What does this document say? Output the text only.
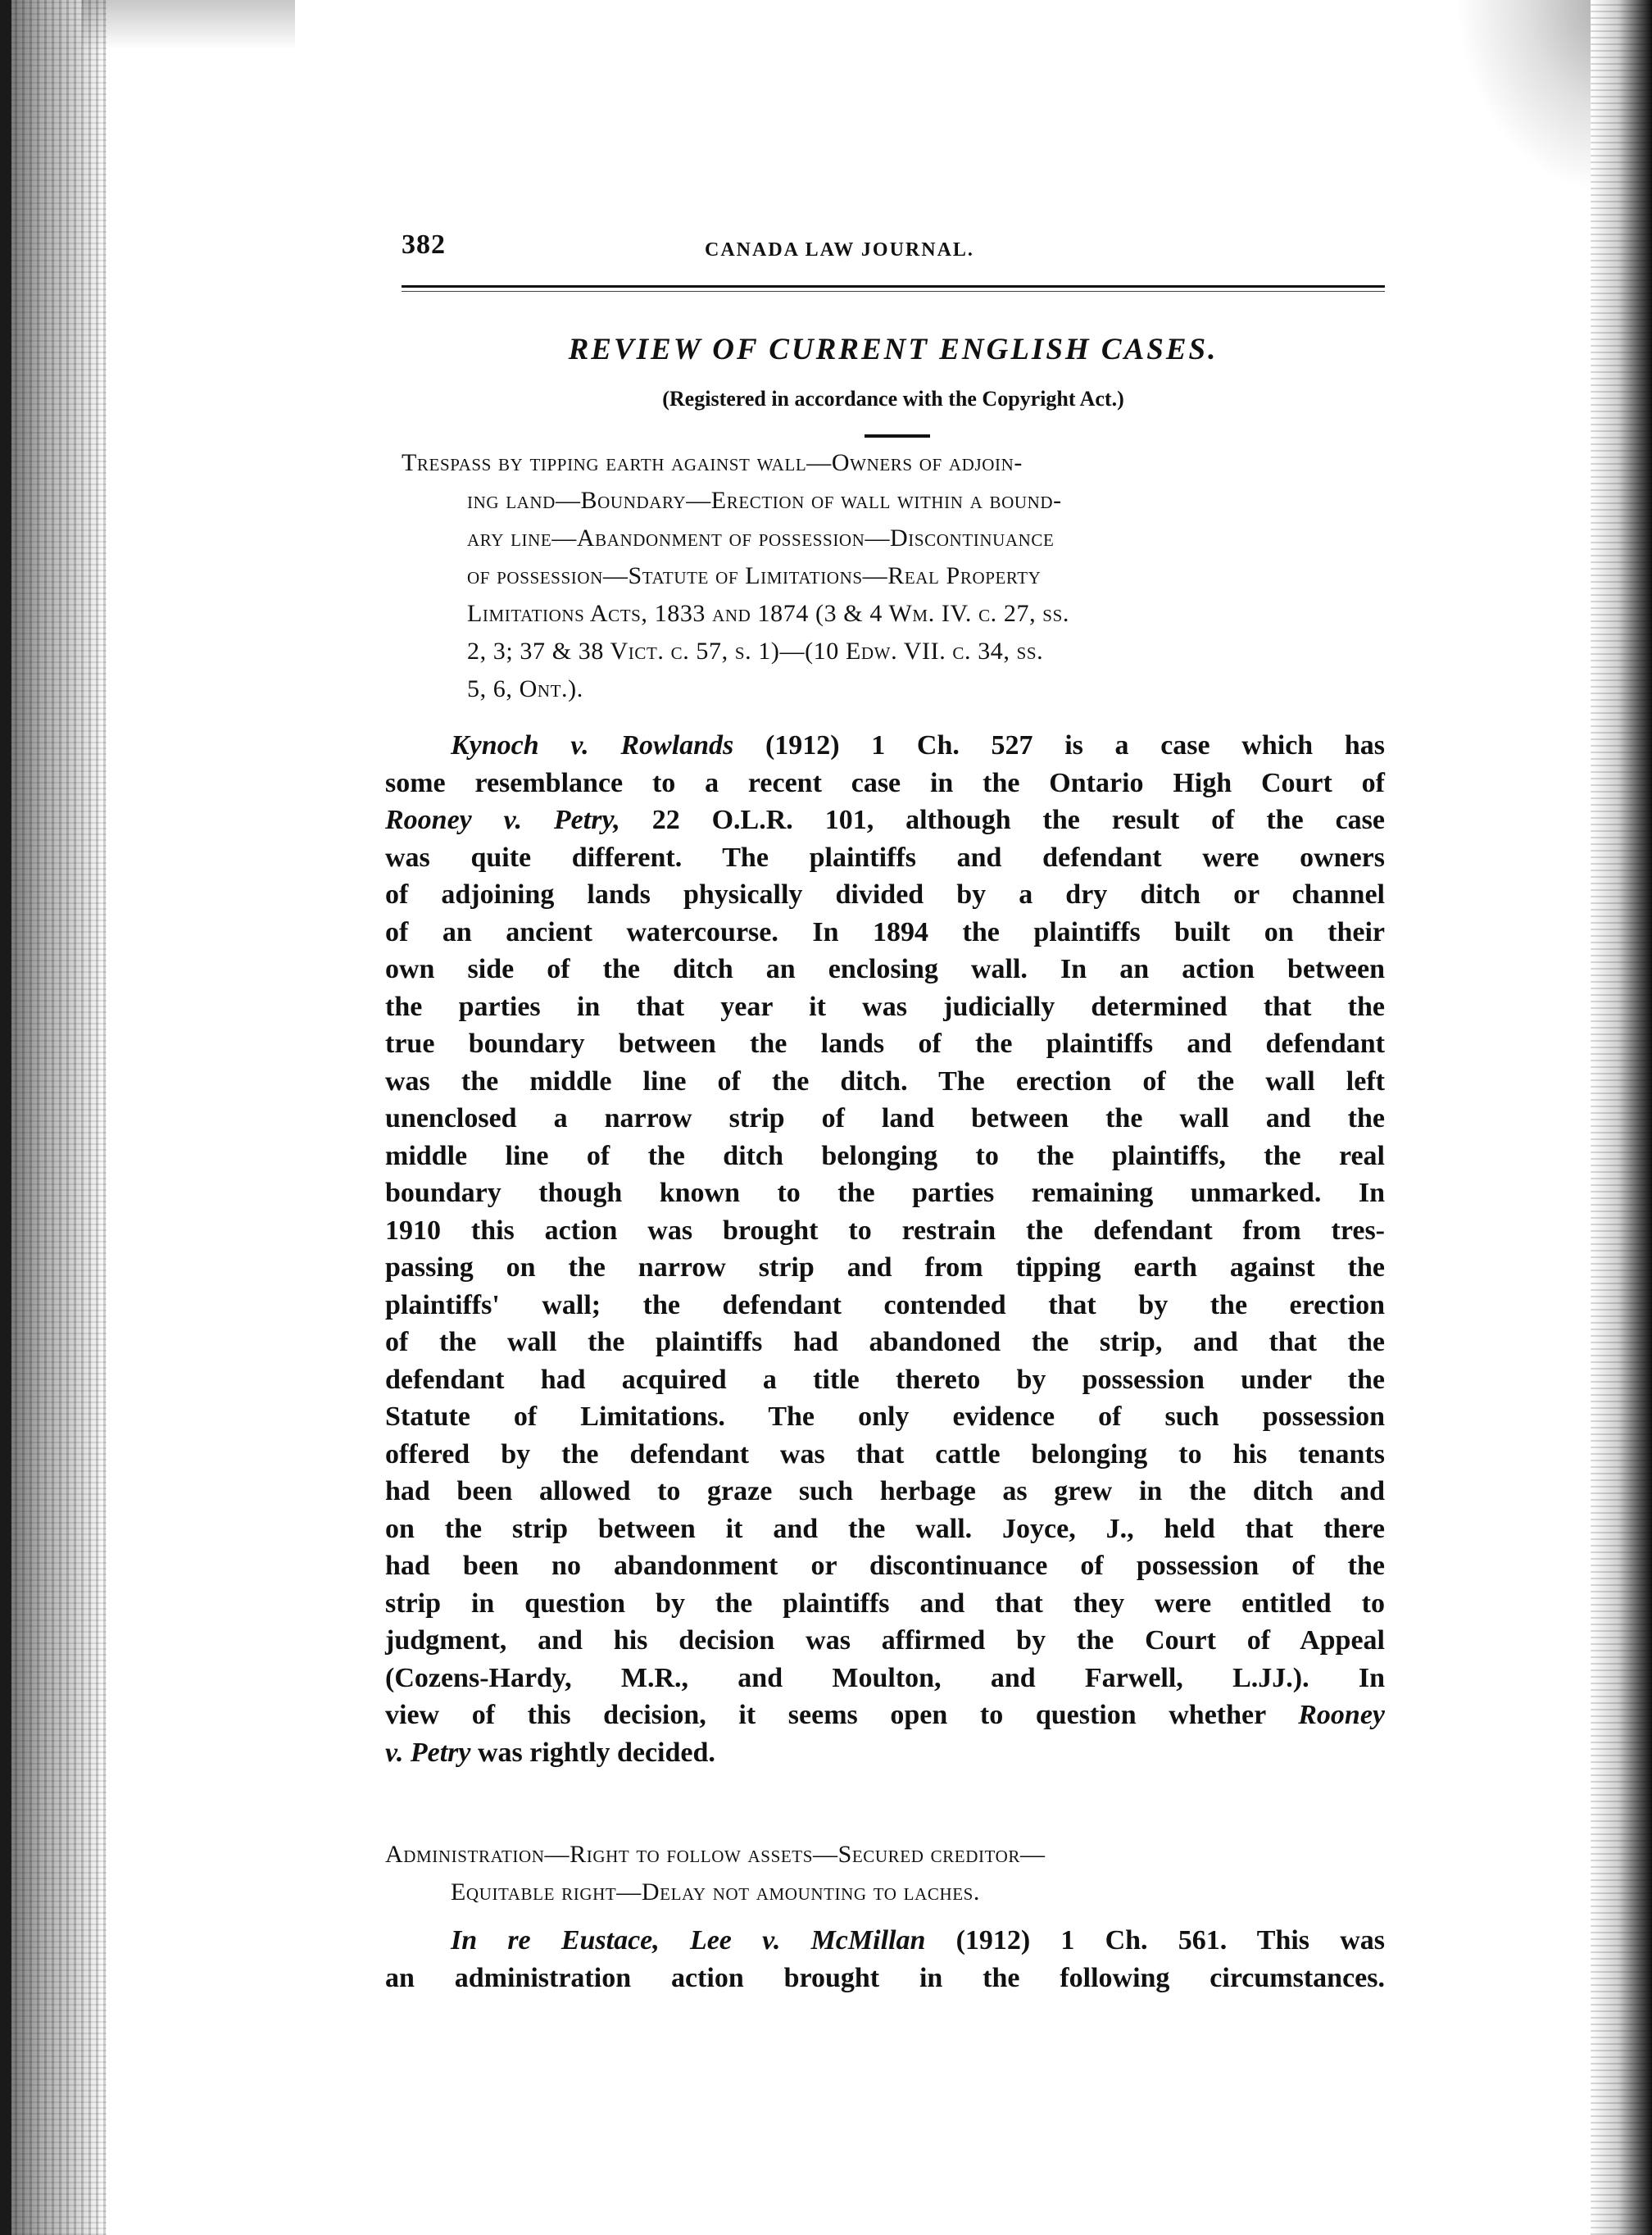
382	CANADA LAW JOURNAL.
REVIEW OF CURRENT ENGLISH CASES.
(Registered in accordance with the Copyright Act.)
Trespass by tipping earth against wall—Owners of adjoin-
ing land—Boundary—Erection of wall within a bound-
ary line—Abandonment of possession—Discontinuance
of possession—Statute of Limitations—Real Property
Limitations Acts, 1833 and 1874 (3 & 4 Wm. IV. c. 27, ss.
2, 3; 37 & 38 Vict. c. 57, s. 1)—(10 Edw. VII. c. 34, ss.
5, 6, Ont.).
Kynoch v. Rowlands (1912) 1 Ch. 527 is a case which has
some resemblance to a recent case in the Ontario High Court of
Rooney v. Petry, 22 O.L.R. 101, although the result of the case
was quite different. The plaintiffs and defendant were owners
of adjoining lands physically divided by a dry ditch or channel
of an ancient watercourse. In 1894 the plaintiffs built on their
own side of the ditch an enclosing wall. In an action between
the parties in that year it was judicially determined that the
true boundary between the lands of the plaintiffs and defendant
was the middle line of the ditch. The erection of the wall left
unenclosed a narrow strip of land between the wall and the
middle line of the ditch belonging to the plaintiffs, the real
boundary though known to the parties remaining unmarked. In
1910 this action was brought to restrain the defendant from tres-
passing on the narrow strip and from tipping earth against the
plaintiffs' wall; the defendant contended that by the erection
of the wall the plaintiffs had abandoned the strip, and that the
defendant had acquired a title thereto by possession under the
Statute of Limitations. The only evidence of such possession
offered by the defendant was that cattle belonging to his tenants
had been allowed to graze such herbage as grew in the ditch and
on the strip between it and the wall. Joyce, J., held that there
had been no abandonment or discontinuance of possession of the
strip in question by the plaintiffs and that they were entitled to
judgment, and his decision was affirmed by the Court of Appeal
(Cozens-Hardy, M.R., and Moulton, and Farwell, L.JJ.). In
view of this decision, it seems open to question whether Rooney
v. Petry was rightly decided.
Administration—Right to follow assets—Secured creditor—
Equitable right—Delay not amounting to laches.
In re Eustace, Lee v. McMillan (1912) 1 Ch. 561. This was
an administration action brought in the following circumstances.
